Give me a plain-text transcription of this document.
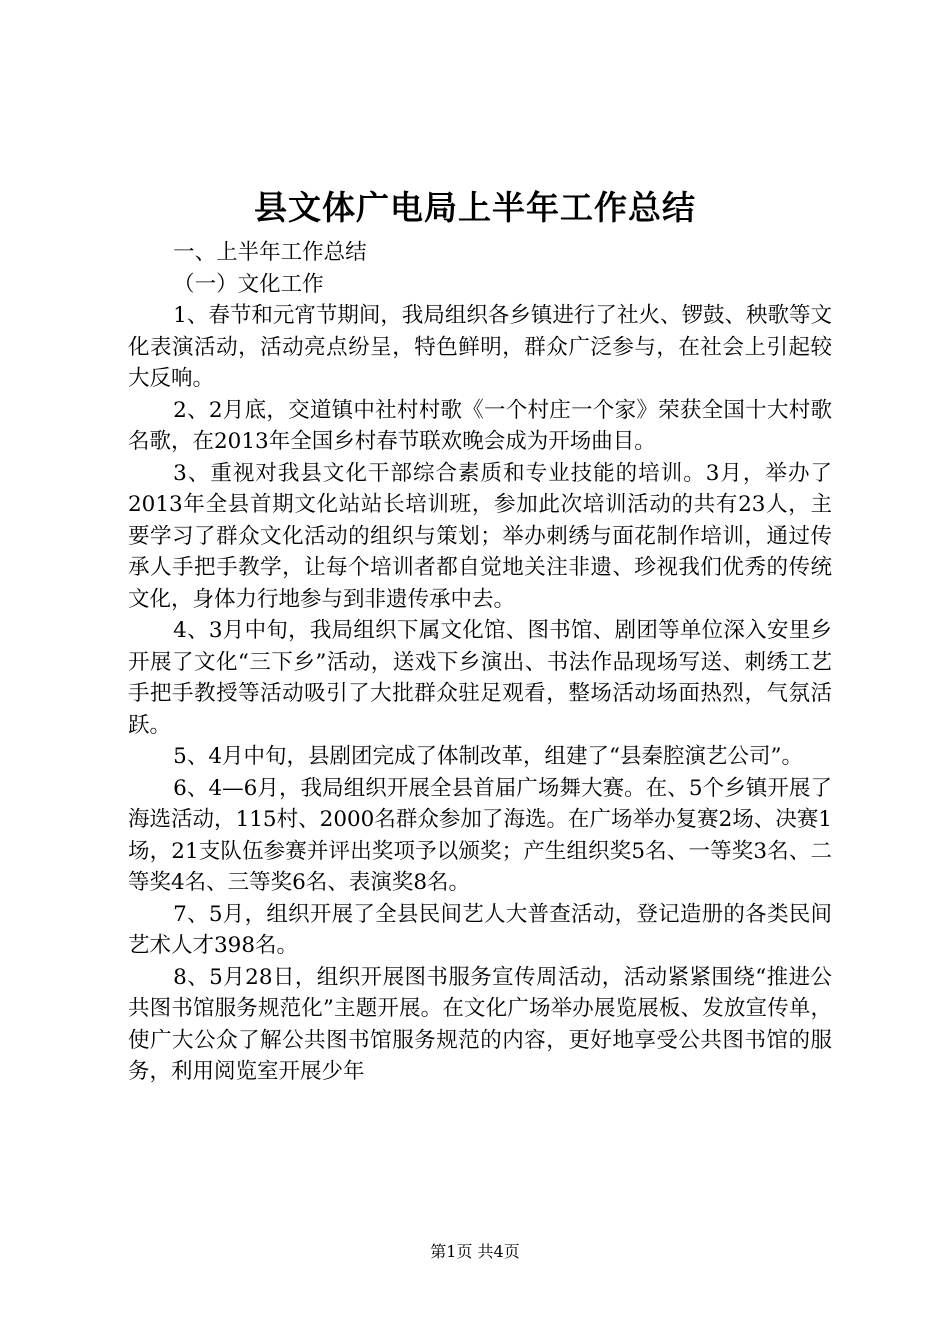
县文体广电局上半年工作总结

一、上半年工作总结

（一）文化工作

1、春节和元宵节期间，我局组织各乡镇进行了社火、锣鼓、秧歌等文化表演活动，活动亮点纷呈，特色鲜明，群众广泛参与，在社会上引起较大反响。

2、2月底，交道镇中社村村歌《一个村庄一个家》荣获全国十大村歌名歌，在2013年全国乡村春节联欢晚会成为开场曲目。

3、重视对我县文化干部综合素质和专业技能的培训。3月，举办了2013年全县首期文化站站长培训班，参加此次培训活动的共有23人，主要学习了群众文化活动的组织与策划；举办刺绣与面花制作培训，通过传承人手把手教学，让每个培训者都自觉地关注非遗、珍视我们优秀的传统文化，身体力行地参与到非遗传承中去。

4、3月中旬，我局组织下属文化馆、图书馆、剧团等单位深入安里乡开展了文化“三下乡”活动，送戏下乡演出、书法作品现场写送、刺绣工艺手把手教授等活动吸引了大批群众驻足观看，整场活动场面热烈，气氛活跃。

5、4月中旬，县剧团完成了体制改革，组建了“县秦腔演艺公司”。

6、4—6月，我局组织开展全县首届广场舞大赛。在、5个乡镇开展了海选活动，115村、2000名群众参加了海选。在广场举办复赛2场、决赛1场，21支队伍参赛并评出奖项予以颁奖；产生组织奖5名、一等奖3名、二等奖4名、三等奖6名、表演奖8名。

7、5月，组织开展了全县民间艺人大普查活动，登记造册的各类民间艺术人才398名。

8、5月28日，组织开展图书服务宣传周活动，活动紧紧围绕“推进公共图书馆服务规范化”主题开展。在文化广场举办展览展板、发放宣传单，使广大公众了解公共图书馆服务规范的内容，更好地享受公共图书馆的服务，利用阅览室开展少年

第1页 共4页
